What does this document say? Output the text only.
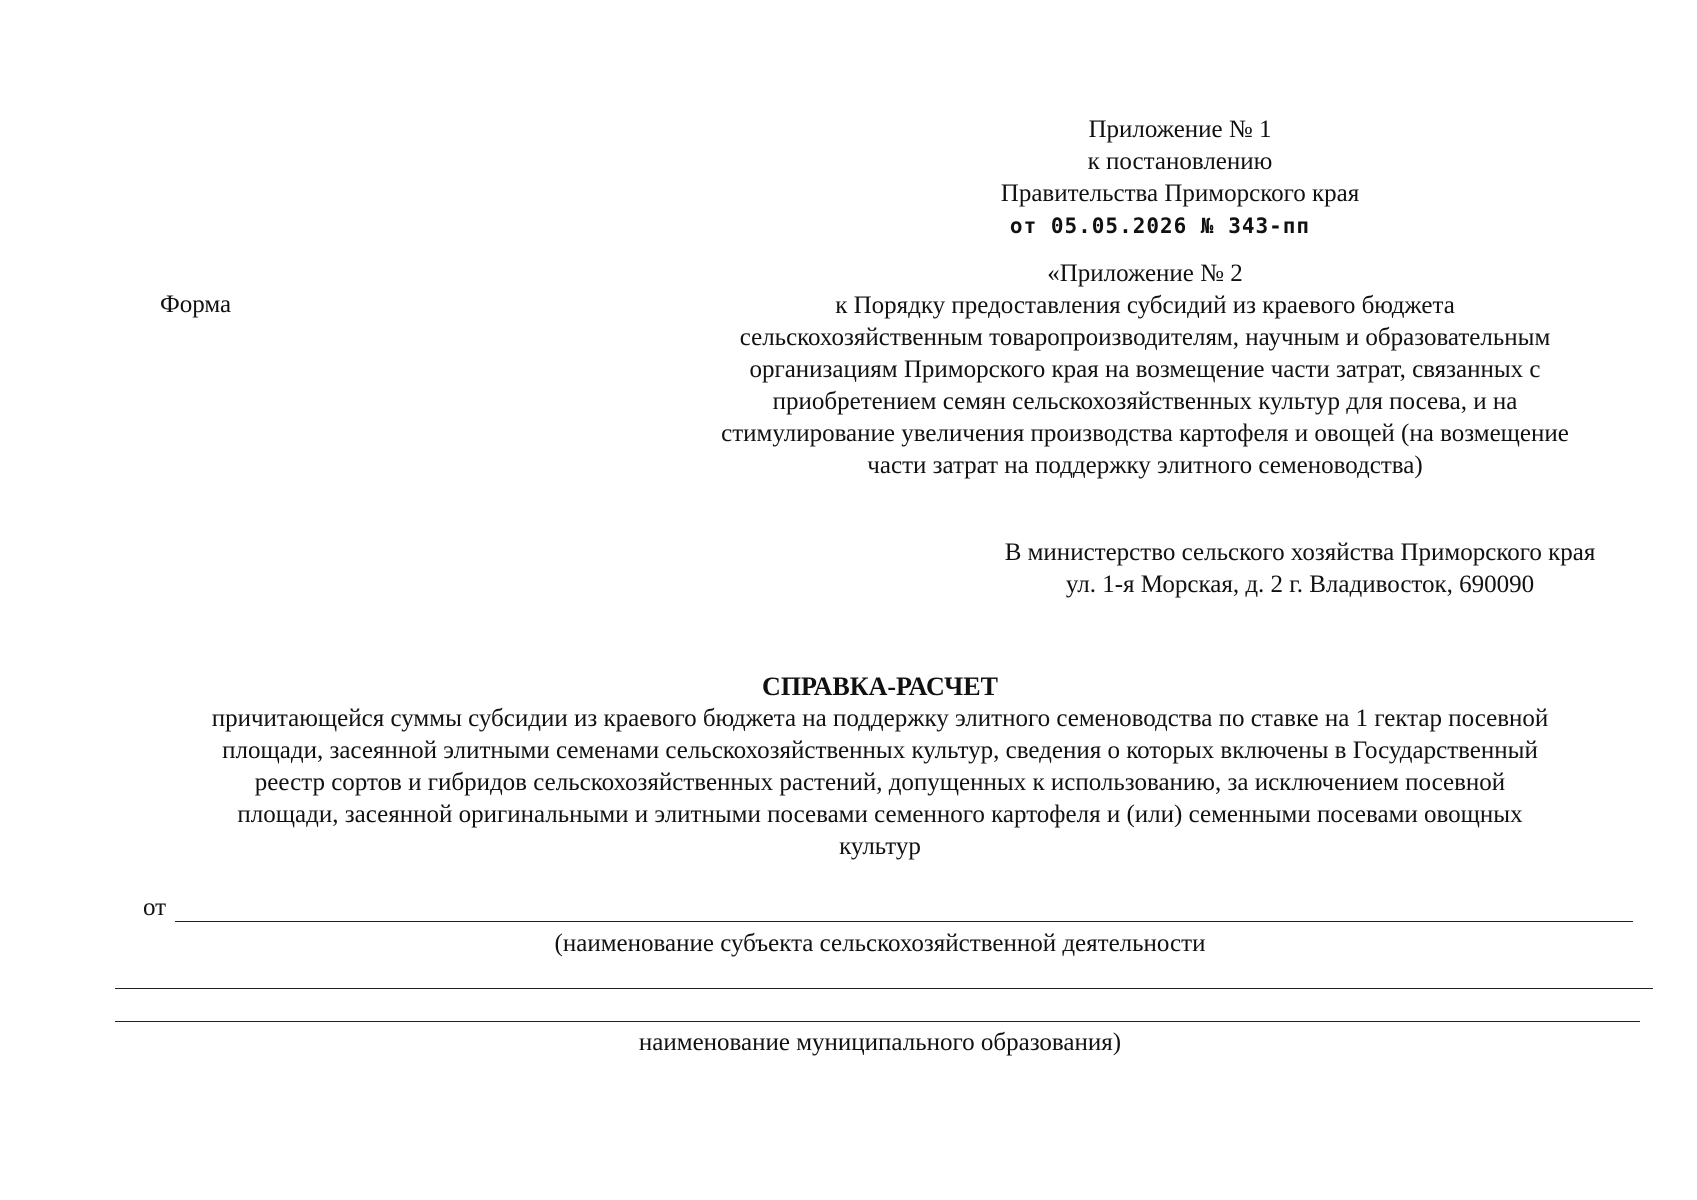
Приложение № 1
к постановлению
Правительства Приморского края
от 05.05.2026 № 343-пп
Форма
«Приложение № 2
к Порядку предоставления субсидий из краевого бюджета
сельскохозяйственным товаропроизводителям, научным и образовательным
организациям Приморского края на возмещение части затрат, связанных с
приобретением семян сельскохозяйственных культур для посева, и на
стимулирование увеличения производства картофеля и овощей (на возмещение
части затрат на поддержку элитного семеноводства)
В министерство сельского хозяйства Приморского края
ул. 1-я Морская, д. 2 г. Владивосток, 690090
СПРАВКА-РАСЧЕТ
причитающейся суммы субсидии из краевого бюджета на поддержку элитного семеноводства по ставке на 1 гектар посевной
площади, засеянной элитными семенами сельскохозяйственных культур, сведения о которых включены в Государственный
реестр сортов и гибридов сельскохозяйственных растений, допущенных к использованию, за исключением посевной
площади, засеянной оригинальными и элитными посевами семенного картофеля и (или) семенными посевами овощных
культур
от
(наименование субъекта сельскохозяйственной деятельности
наименование муниципального образования)
